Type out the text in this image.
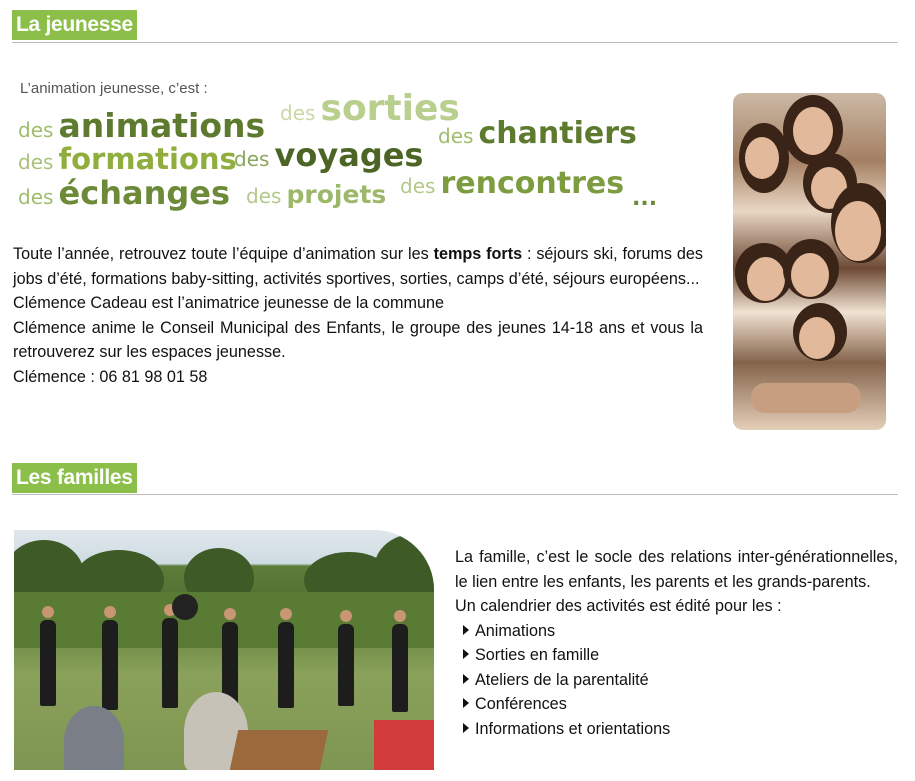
La jeunesse
L’animation jeunesse, c’est :
des animations des sorties
des chantiers
des formations
des voyages
des échanges des projets des rencontres ...

Toute l’année, retrouvez toute l’équipe d’animation sur les temps forts : séjours ski, forums des jobs d’été, formations baby-sitting, activités sportives, sorties, camps d’été, séjours européens...

Clémence Cadeau est l’animatrice jeunesse de la commune

Clémence anime le Conseil Municipal des Enfants, le groupe des jeunes 14-18 ans et vous la retrouverez sur les espaces jeunesse.

Clémence : 06 81 98 01 58

Les familles

La famille, c’est le socle des relations inter-générationnelles, le lien entre les enfants, les parents et les grands-parents.

Un calendrier des activités est édité pour les :

Animations
Sorties en famille
Ateliers de la parentalité
Conférences
Informations et orientations
